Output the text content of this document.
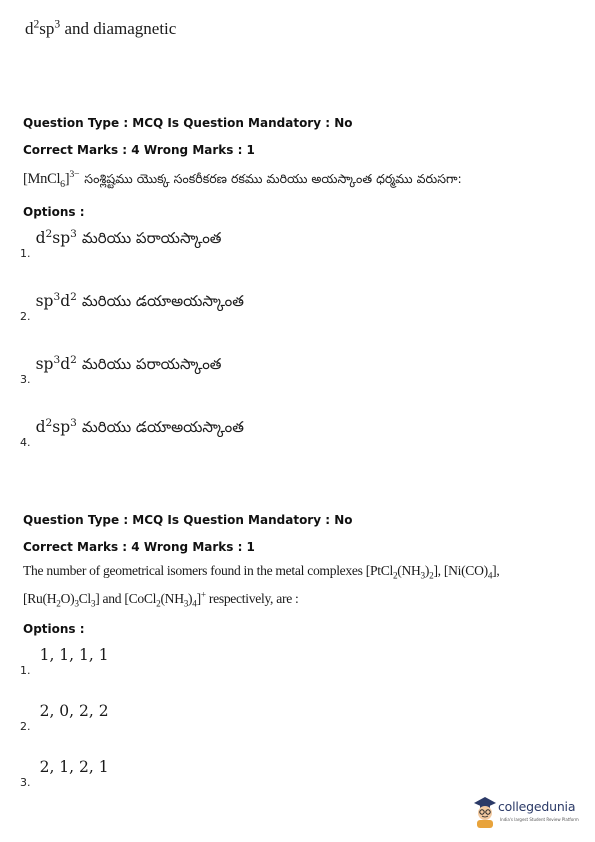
$d^2sp^3$ and diamagnetic
Question Type : MCQ Is Question Mandatory : No
Correct Marks : 4 Wrong Marks : 1
[MnCl$_6$]$^{3-}$ సంశ్లిష్టము యొక్క సంకరీకరణ రకము మరియు అయస్కాంత ధర్మము వరుసగా:
Options :
$_{1.}$ $d^2sp^3$ మరియు పరాయస్కాంత
$_{2.}$ $sp^3d^2$ మరియు డయాఅయస్కాంత
$_{3.}$ $sp^3d^2$ మరియు పరాయస్కాంత
$_{4.}$ $d^2sp^3$ మరియు డయాఅయస్కాంత
Question Type : MCQ Is Question Mandatory : No
Correct Marks : 4 Wrong Marks : 1
The number of geometrical isomers found in the metal complexes $[PtCl_2(NH_3)_2]$, $[Ni(CO)_4]$,
$[Ru(H_2O)_3Cl_3]$ and $[CoCl_2(NH_3)_4]^+$ respectively, are :
Options :
$_{1.}$ 1, 1, 1, 1
$_{2.}$ 2, 0, 2, 2
$_{3.}$ 2, 1, 2, 1
collegedunia
India's largest Student Review Platform
